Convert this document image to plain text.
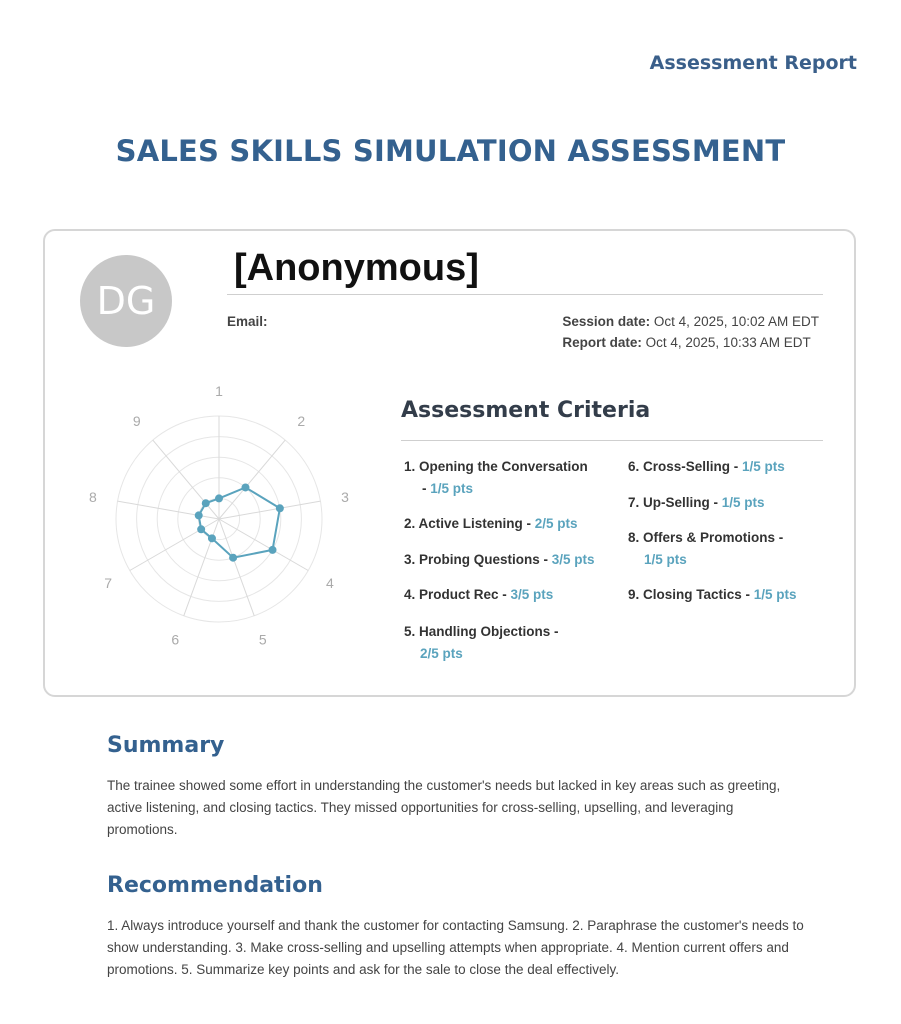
Assessment Report
SALES SKILLS SIMULATION ASSESSMENT
DG
[Anonymous]
Email:	Session date: Oct 4, 2025, 10:02 AM EDT
Report date: Oct 4, 2025, 10:33 AM EDT
1
2
3
4
5
6
7
8
9	Assessment Criteria
1. Opening the Conversation
- 1/5 pts
2. Active Listening - 2/5 pts
3. Probing Questions - 3/5 pts
4. Product Rec - 3/5 pts
5. Handling Objections -
2/5 pts
6. Cross-Selling - 1/5 pts
7. Up-Selling - 1/5 pts
8. Offers & Promotions -
1/5 pts
9. Closing Tactics - 1/5 pts
Summary
The trainee showed some effort in understanding the customer's needs but lacked in key areas such as greeting, active listening, and closing tactics. They missed opportunities for cross-selling, upselling, and leveraging promotions.
Recommendation
1. Always introduce yourself and thank the customer for contacting Samsung. 2. Paraphrase the customer's needs to show understanding. 3. Make cross-selling and upselling attempts when appropriate. 4. Mention current offers and promotions. 5. Summarize key points and ask for the sale to close the deal effectively.
